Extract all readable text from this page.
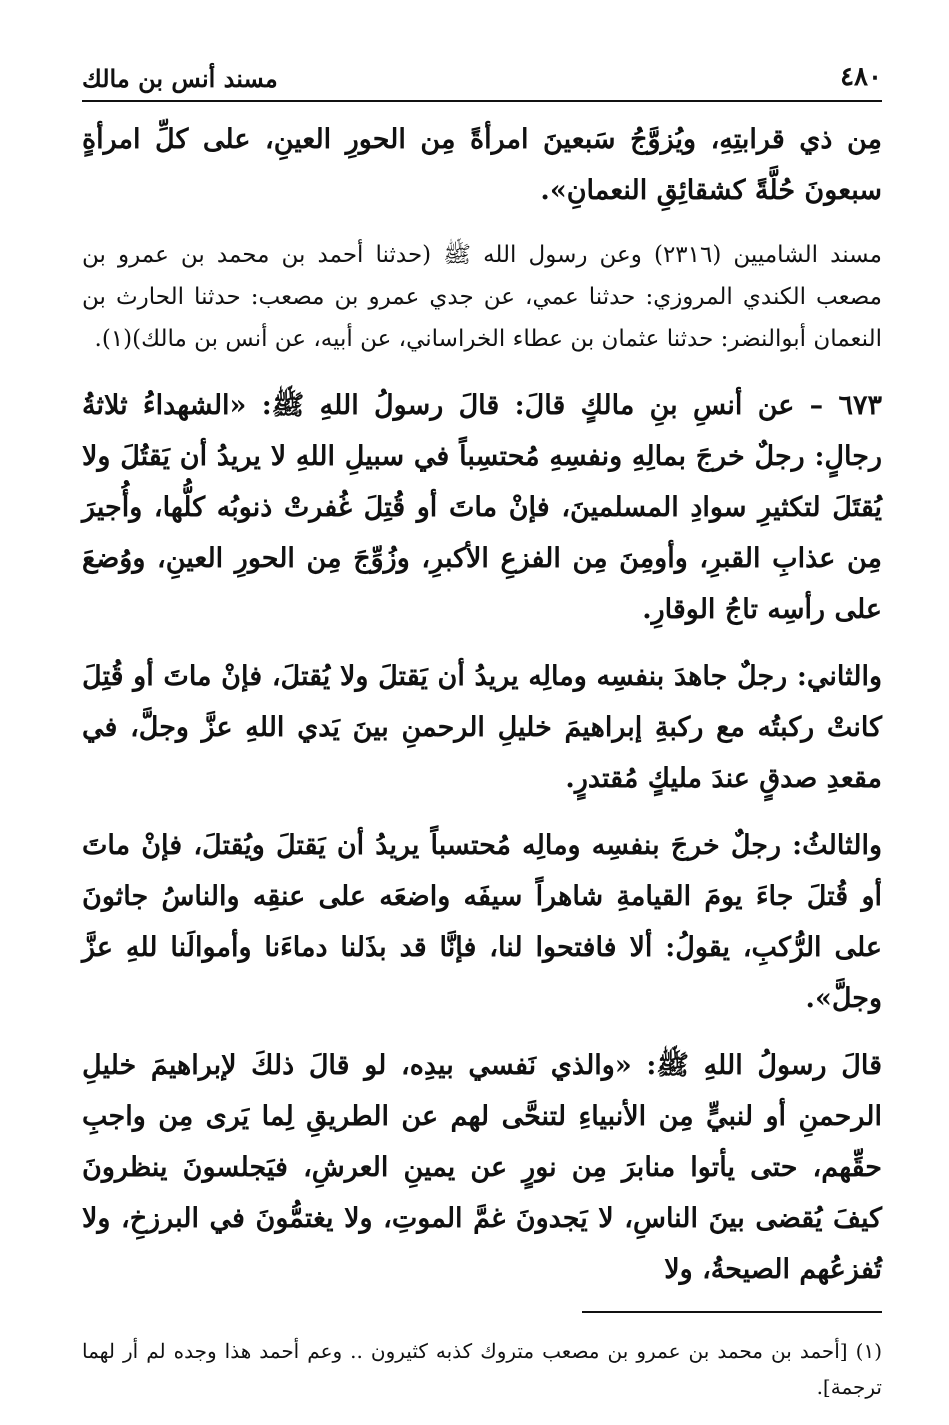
٤٨٠
مسند أنس بن مالك

مِن ذي قرابتِهِ، ويُزوَّجُ سَبعينَ امرأةً مِن الحورِ العينِ، على كلِّ امرأةٍ سبعونَ حُلَّةً كشقائِقِ النعمانِ».

مسند الشاميين (٢٣١٦) وعن رسول الله ﷺ (حدثنا أحمد بن محمد بن عمرو بن مصعب الكندي المروزي: حدثنا عمي، عن جدي عمرو بن مصعب: حدثنا الحارث بن النعمان أبوالنضر: حدثنا عثمان بن عطاء الخراساني، عن أبيه، عن أنس بن مالك)(١).

٦٧٣ – عن أنسِ بنِ مالكٍ قالَ: قالَ رسولُ اللهِ ﷺ: «الشهداءُ ثلاثةُ رجالٍ: رجلٌ خرجَ بمالِهِ ونفسِهِ مُحتسِباً في سبيلِ اللهِ لا يريدُ أن يَقتُلَ ولا يُقتَلَ لتكثيرِ سوادِ المسلمينَ، فإنْ ماتَ أو قُتِلَ غُفرتْ ذنوبُه كلُّها، وأُجيرَ مِن عذابِ القبرِ، وأومِنَ مِن الفزعِ الأكبرِ، وزُوِّجَ مِن الحورِ العينِ، ووُضعَ على رأسِه تاجُ الوقارِ.

والثاني: رجلٌ جاهدَ بنفسِه ومالِه يريدُ أن يَقتلَ ولا يُقتلَ، فإنْ ماتَ أو قُتِلَ كانتْ ركبتُه مع ركبةِ إبراهيمَ خليلِ الرحمنِ بينَ يَدي اللهِ عزَّ وجلَّ، في مقعدِ صدقٍ عندَ مليكٍ مُقتدرٍ.

والثالثُ: رجلٌ خرجَ بنفسِه ومالِه مُحتسباً يريدُ أن يَقتلَ ويُقتلَ، فإنْ ماتَ أو قُتلَ جاءَ يومَ القيامةِ شاهراً سيفَه واضعَه على عنقِه والناسُ جاثونَ على الرُّكبِ، يقولُ: ألا فافتحوا لنا، فإنَّا قد بذَلنا دماءَنا وأموالَنا للهِ عزَّ وجلَّ».

قالَ رسولُ اللهِ ﷺ: «والذي نَفسي بيدِه، لو قالَ ذلكَ لإبراهيمَ خليلِ الرحمنِ أو لنبيٍّ مِن الأنبياءِ لتنحَّى لهم عن الطريقِ لِما يَرى مِن واجبِ حقِّهم، حتى يأتوا منابرَ مِن نورٍ عن يمينِ العرشِ، فيَجلسونَ ينظرونَ كيفَ يُقضى بينَ الناسِ، لا يَجدونَ غمَّ الموتِ، ولا يغتمُّونَ في البرزخِ، ولا تُفزعُهم الصيحةُ، ولا

(١) [أحمد بن محمد بن عمرو بن مصعب متروك كذبه كثيرون .. وعم أحمد هذا وجده لم أر لهما ترجمة].
